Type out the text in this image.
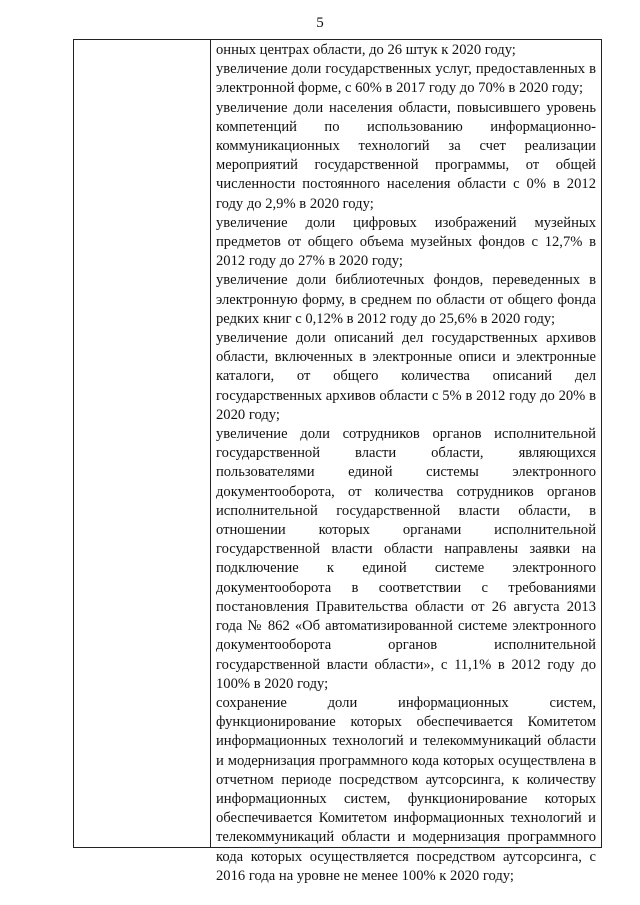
5

онных центрах области, до 26 штук к 2020 году;

увеличение доли государственных услуг, предоставленных в электронной форме, с 60% в 2017 году до 70% в 2020 году;

увеличение доли населения области, повысившего уровень компетенций по использованию информационно-коммуникационных технологий за счет реализации мероприятий государственной программы, от общей численности постоянного населения области с 0% в 2012 году до 2,9% в 2020 году;

увеличение доли цифровых изображений музейных предметов от общего объема музейных фондов с 12,7% в 2012 году до 27% в 2020 году;

увеличение доли библиотечных фондов, переведенных в электронную форму, в среднем по области от общего фонда редких книг с 0,12% в 2012 году до 25,6% в 2020 году;

увеличение доли описаний дел государственных архивов области, включенных в электронные описи и электронные каталоги, от общего количества описаний дел государственных архивов области с 5% в 2012 году до 20% в 2020 году;

увеличение доли сотрудников органов исполнительной государственной власти области, являющихся пользователями единой системы электронного документооборота, от количества сотрудников органов исполнительной государственной власти области, в отношении которых органами исполнительной государственной власти области направлены заявки на подключение к единой системе электронного документооборота в соответствии с требованиями постановления Правительства области от 26 августа 2013 года № 862 «Об автоматизированной системе электронного документооборота органов исполнительной государственной власти области», с 11,1% в 2012 году до 100% в 2020 году;

сохранение доли информационных систем, функционирование которых обеспечивается Комитетом информационных технологий и телекоммуникаций области и модернизация программного кода которых осуществлена в отчетном периоде посредством аутсорсинга, к количеству информационных систем, функционирование которых обеспечивается Комитетом информационных технологий и телекоммуникаций области и модернизация программного кода которых осуществляется посредством аутсорсинга, с 2016 года на уровне не менее 100% к 2020 году;
